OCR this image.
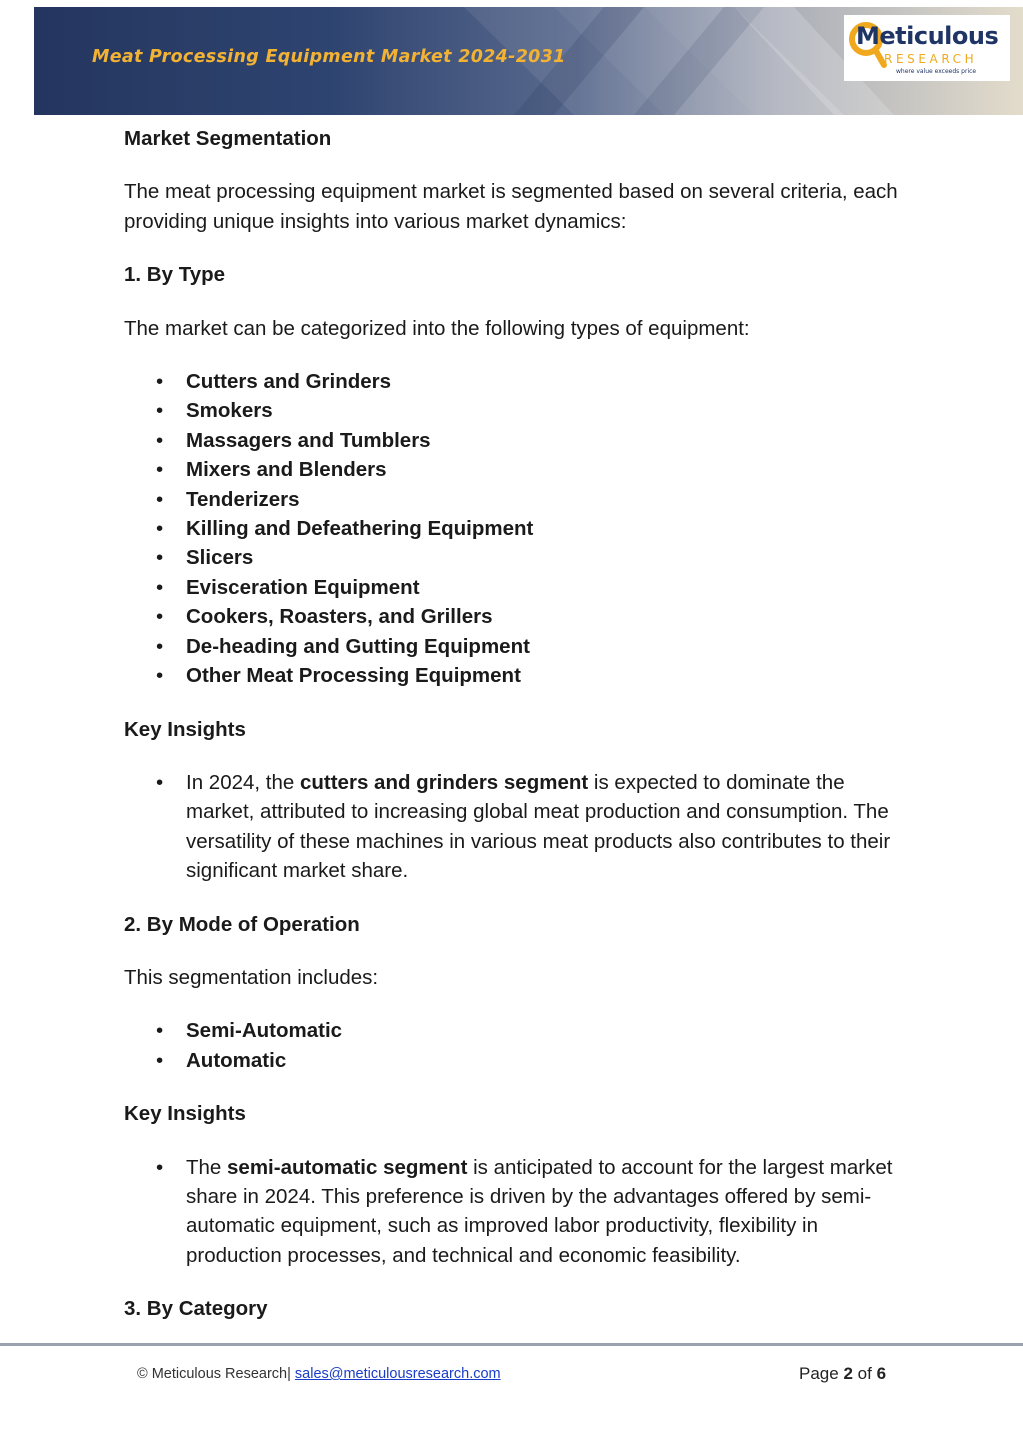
Meat Processing Equipment Market 2024-2031
Meticulous
RESEARCH
where value exceeds price
Market Segmentation

The meat processing equipment market is segmented based on several criteria, each providing unique insights into various market dynamics:

1. By Type

The market can be categorized into the following types of equipment:

• Cutters and Grinders
• Smokers
• Massagers and Tumblers
• Mixers and Blenders
• Tenderizers
• Killing and Defeathering Equipment
• Slicers
• Evisceration Equipment
• Cookers, Roasters, and Grillers
• De-heading and Gutting Equipment
• Other Meat Processing Equipment
Key Insights
• In 2024, the cutters and grinders segment is expected to dominate the market, attributed to increasing global meat production and consumption. The versatility of these machines in various meat products also contributes to their significant market share.
2. By Mode of Operation

This segmentation includes:

• Semi-Automatic
• Automatic
Key Insights
• The semi-automatic segment is anticipated to account for the largest market share in 2024. This preference is driven by the advantages offered by semi-automatic equipment, such as improved labor productivity, flexibility in production processes, and technical and economic feasibility.
3. By Category
© Meticulous Research| sales@meticulousresearch.com	Page 2 of 6
